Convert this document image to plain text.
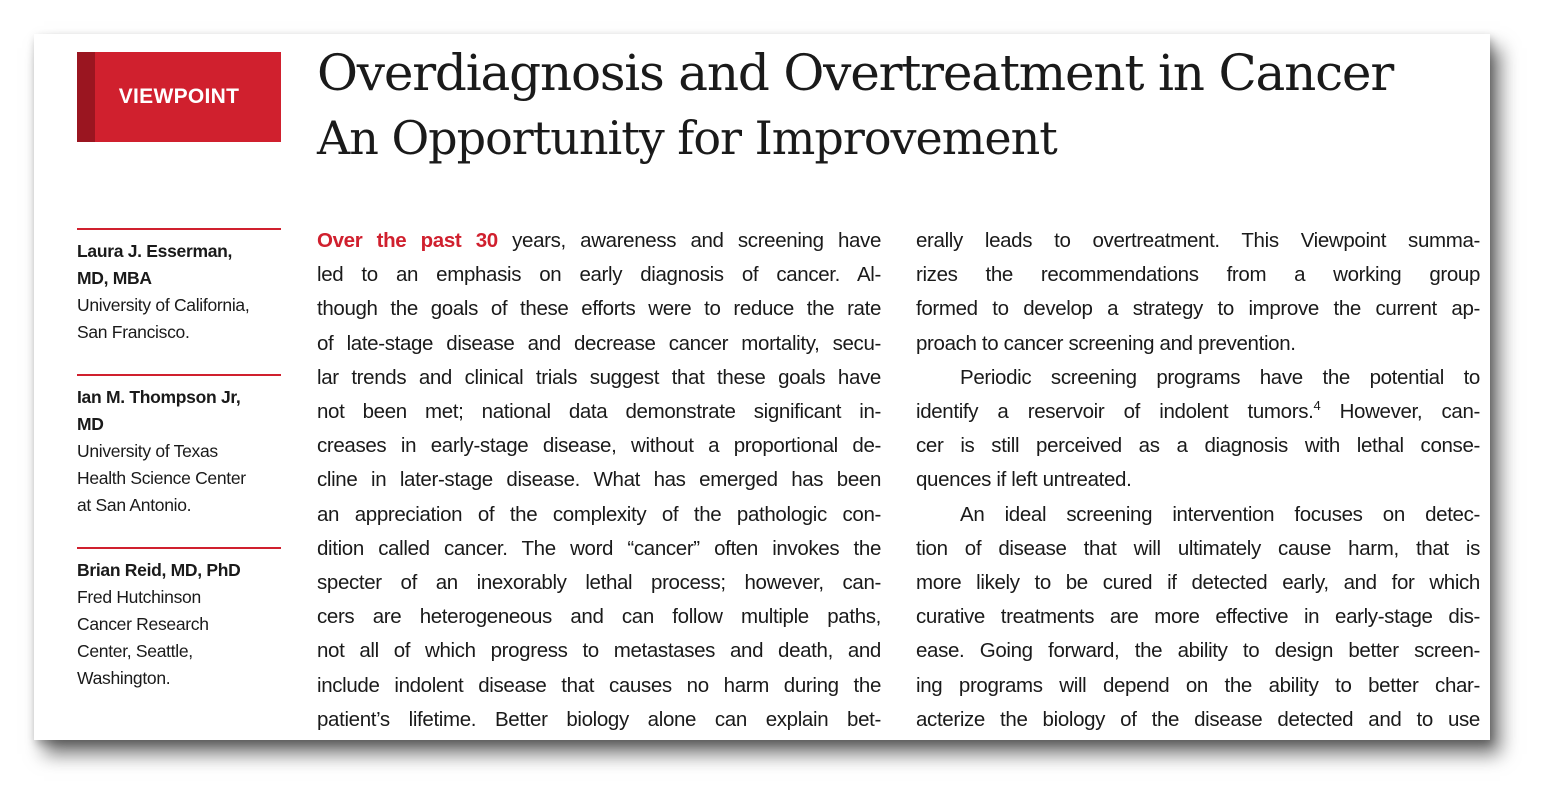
VIEWPOINT	Overdiagnosis and Overtreatment in Cancer
An Opportunity for Improvement
Laura J. Esserman,
MD, MBA
University of California,
San Francisco.
Ian M. Thompson Jr,
MD
University of Texas
Health Science Center
at San Antonio.
Brian Reid, MD, PhD
Fred Hutchinson
Cancer Research
Center, Seattle,
Washington.
Over the past 30 years, awareness and screening have
led to an emphasis on early diagnosis of cancer. Al-
though the goals of these efforts were to reduce the rate
of late-stage disease and decrease cancer mortality, secu-
lar trends and clinical trials suggest that these goals have
not been met; national data demonstrate significant in-
creases in early-stage disease, without a proportional de-
cline in later-stage disease. What has emerged has been
an appreciation of the complexity of the pathologic con-
dition called cancer. The word “cancer” often invokes the
specter of an inexorably lethal process; however, can-
cers are heterogeneous and can follow multiple paths,
not all of which progress to metastases and death, and
include indolent disease that causes no harm during the
patient’s lifetime. Better biology alone can explain bet-
erally leads to overtreatment. This Viewpoint summa-
rizes the recommendations from a working group
formed to develop a strategy to improve the current ap-
proach to cancer screening and prevention.
Periodic screening programs have the potential to
identify a reservoir of indolent tumors.$^4$ However, can-
cer is still perceived as a diagnosis with lethal conse-
quences if left untreated.
An ideal screening intervention focuses on detec-
tion of disease that will ultimately cause harm, that is
more likely to be cured if detected early, and for which
curative treatments are more effective in early-stage dis-
ease. Going forward, the ability to design better screen-
ing programs will depend on the ability to better char-
acterize the biology of the disease detected and to use
